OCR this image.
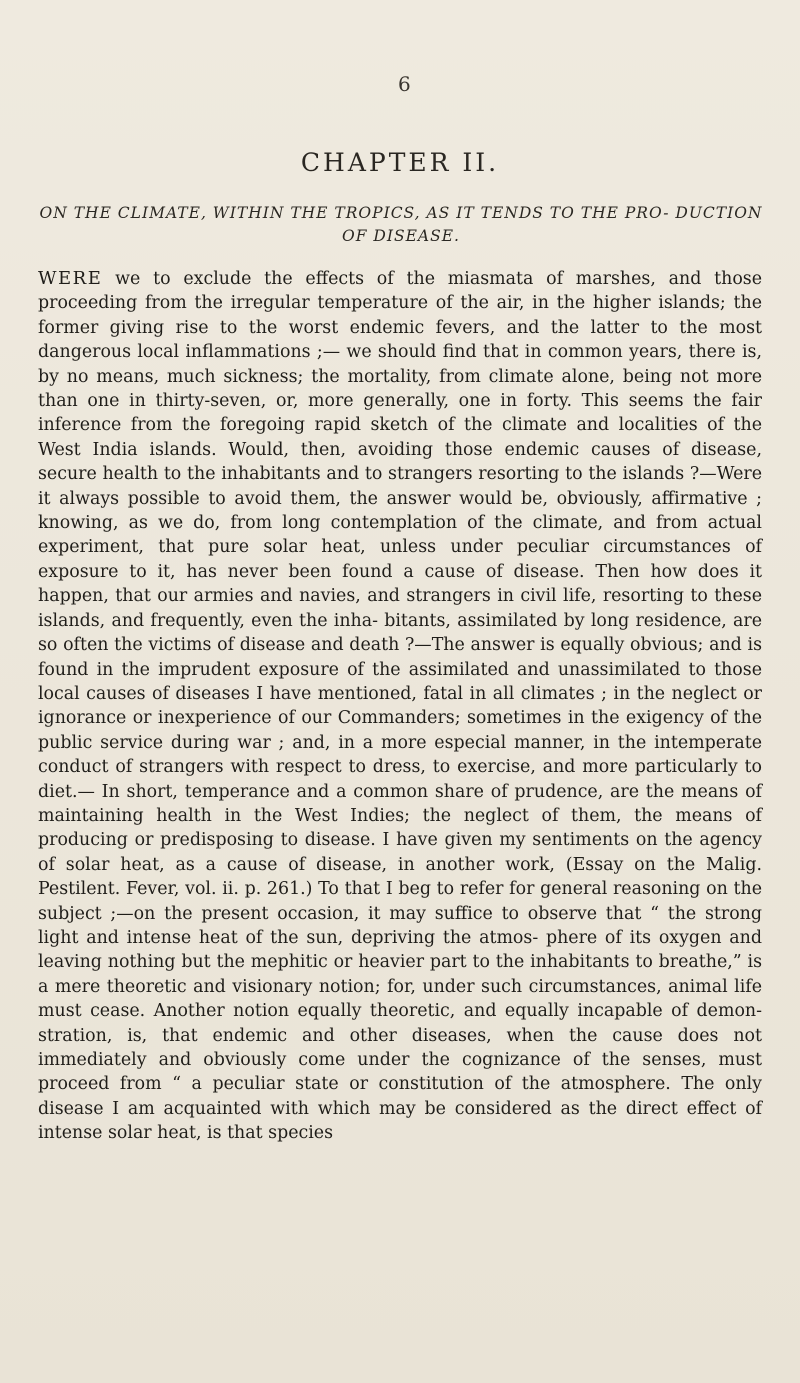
6
CHAPTER II.
ON THE CLIMATE, WITHIN THE TROPICS, AS IT TENDS TO THE PRO- DUCTION OF DISEASE.

WERE we to exclude the effects of the miasmata of marshes, and those proceeding from the irregular temperature of the air, in the higher islands; the former giving rise to the worst endemic fevers, and the latter to the most dangerous local inflammations ;— we should find that in common years, there is, by no means, much sickness; the mortality, from climate alone, being not more than one in thirty-seven, or, more generally, one in forty. This seems the fair inference from the foregoing rapid sketch of the climate and localities of the West India islands. Would, then, avoiding those endemic causes of disease, secure health to the inhabitants and to strangers resorting to the islands ?—Were it always possible to avoid them, the answer would be, obviously, affirmative ; knowing, as we do, from long contemplation of the climate, and from actual experiment, that pure solar heat, unless under peculiar circumstances of exposure to it, has never been found a cause of disease. Then how does it happen, that our armies and navies, and strangers in civil life, resorting to these islands, and frequently, even the inha- bitants, assimilated by long residence, are so often the victims of disease and death ?—The answer is equally obvious; and is found in the imprudent exposure of the assimilated and unassimilated to those local causes of diseases I have mentioned, fatal in all climates ; in the neglect or ignorance or inexperience of our Commanders; sometimes in the exigency of the public service during war ; and, in a more especial manner, in the intemperate conduct of strangers with respect to dress, to exercise, and more particularly to diet.— In short, temperance and a common share of prudence, are the means of maintaining health in the West Indies; the neglect of them, the means of producing or predisposing to disease. I have given my sentiments on the agency of solar heat, as a cause of disease, in another work, (Essay on the Malig. Pestilent. Fever, vol. ii. p. 261.) To that I beg to refer for general reasoning on the subject ;—on the present occasion, it may suffice to observe that “ the strong light and intense heat of the sun, depriving the atmos- phere of its oxygen and leaving nothing but the mephitic or heavier part to the inhabitants to breathe,” is a mere theoretic and visionary notion; for, under such circumstances, animal life must cease. Another notion equally theoretic, and equally incapable of demon- stration, is, that endemic and other diseases, when the cause does not immediately and obviously come under the cognizance of the senses, must proceed from “ a peculiar state or constitution of the atmosphere. The only disease I am acquainted with which may be considered as the direct effect of intense solar heat, is that species
